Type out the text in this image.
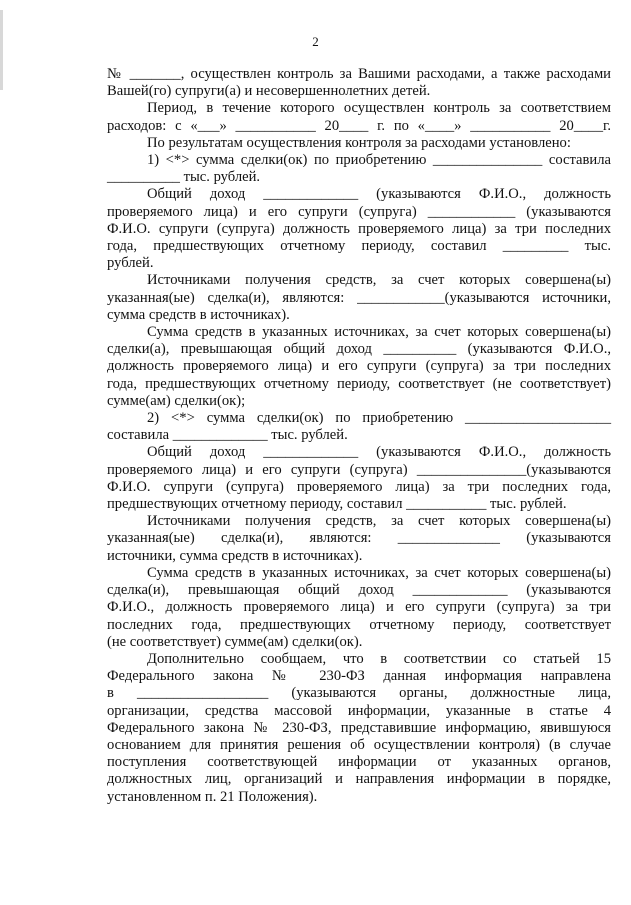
2

№ _______, осуществлен контроль за Вашими расходами, а также расходами

Вашей(го) супруги(а) и несовершеннолетних детей.

Период, в течение которого осуществлен контроль за соответствием

расходов: с «___» ___________ 20____ г. по «____» ___________ 20____г.

По результатам осуществления контроля за расходами установлено:

1) <*> сумма сделки(ок) по приобретению _______________ составила

__________ тыс. рублей.

Общий доход _____________ (указываются Ф.И.О., должность

проверяемого лица) и его супруги (супруга) ____________ (указываются

Ф.И.О. супруги (супруга) должность проверяемого лица) за три последних

года, предшествующих отчетному периоду, составил _________ тыс.

рублей.

Источниками получения средств, за счет которых совершена(ы)

указанная(ые) сделка(и), являются: ____________(указываются источники,

сумма средств в источниках).

Сумма средств в указанных источниках, за счет которых совершена(ы)

сделки(а), превышающая общий доход __________ (указываются Ф.И.О.,

должность проверяемого лица) и его супруги (супруга) за три последних

года, предшествующих отчетному периоду, соответствует (не соответствует)

сумме(ам) сделки(ок);

2) <*> сумма сделки(ок) по приобретению ____________________

составила _____________ тыс. рублей.

Общий доход _____________ (указываются Ф.И.О., должность

проверяемого лица) и его супруги (супруга) _______________(указываются

Ф.И.О. супруги (супруга) проверяемого лица) за три последних года,

предшествующих отчетному периоду, составил ___________ тыс. рублей.

Источниками получения средств, за счет которых совершена(ы)

указанная(ые) сделка(и), являются: ______________ (указываются

источники, сумма средств в источниках).

Сумма средств в указанных источниках, за счет которых совершена(ы)

сделка(и), превышающая общий доход _____________ (указываются

Ф.И.О., должность проверяемого лица) и его супруги (супруга) за три

последних года, предшествующих отчетному периоду, соответствует

(не соответствует) сумме(ам) сделки(ок).

Дополнительно сообщаем, что в соответствии со статьей 15

Федерального закона № 230-ФЗ данная информация направлена

в __________________ (указываются органы, должностные лица,

организации, средства массовой информации, указанные в статье 4

Федерального закона № 230-ФЗ, представившие информацию, явившуюся

основанием для принятия решения об осуществлении контроля) (в случае

поступления соответствующей информации от указанных органов,

должностных лиц, организаций и направления информации в порядке,

установленном п. 21 Положения).
